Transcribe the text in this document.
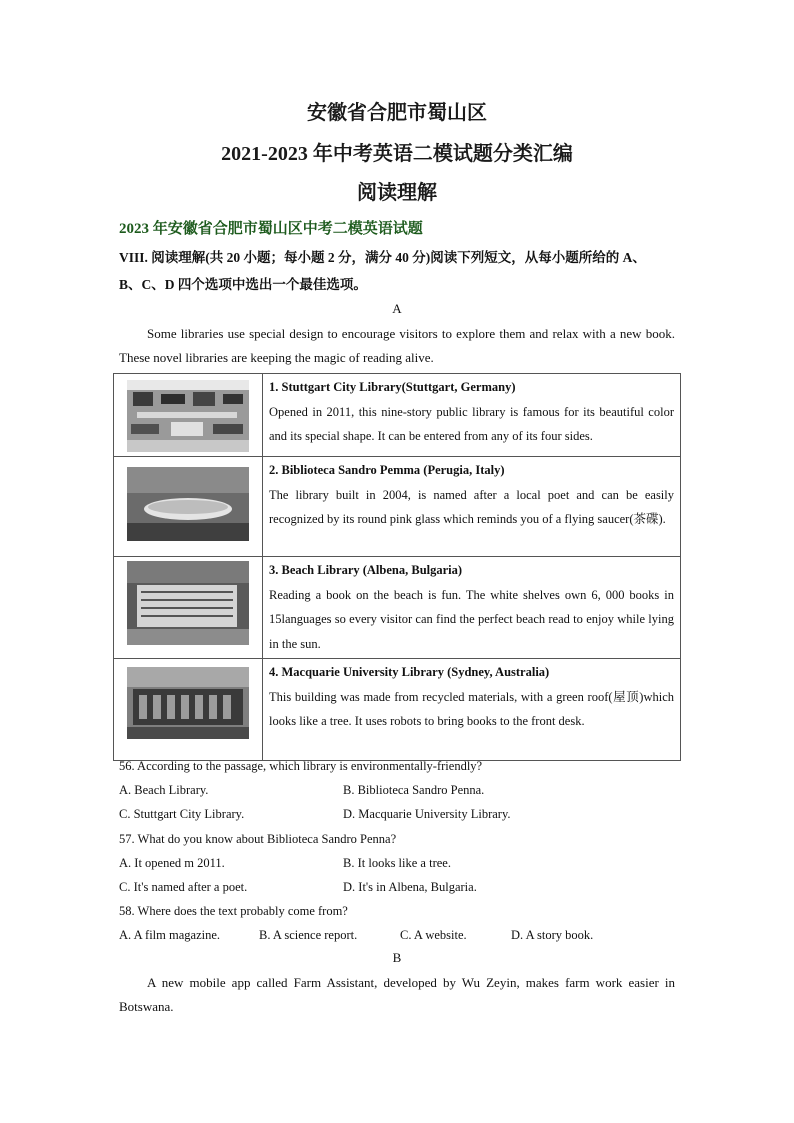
安徽省合肥市蜀山区
2021-2023 年中考英语二模试题分类汇编
阅读理解
2023 年安徽省合肥市蜀山区中考二模英语试题
VIII. 阅读理解(共 20 小题；每小题 2 分，满分 40 分)阅读下列短文，从每小题所给的 A、
B、C、D 四个选项中选出一个最佳选项。
A
Some libraries use special design to encourage visitors to explore them and relax with a new book. These novel libraries are keeping the magic of reading alive.

1. Stuttgart City Library(Stuttgart, Germany)
Opened in 2011, this nine-story public library is famous for its beautiful color and its special shape. It can be entered from any of its four sides.

2. Biblioteca Sandro Pemma (Perugia, Italy)
The library built in 2004, is named after a local poet and can be easily recognized by its round pink glass which reminds you of a flying saucer(茶碟).

3. Beach Library (Albena, Bulgaria)
Reading a book on the beach is fun. The white shelves own 6, 000 books in 15languages so every visitor can find the perfect beach read to enjoy while lying in the sun.

4. Macquarie University Library (Sydney, Australia)
This building was made from recycled materials, with a green roof(屋顶)which looks like a tree. It uses robots to bring books to the front desk.
56. According to the passage, which library is environmentally-friendly?
A. Beach Library.	B. Biblioteca Sandro Penna.
C. Stuttgart City Library.	D. Macquarie University Library.
57. What do you know about Biblioteca Sandro Penna?
A. It opened m 2011.	B. It looks like a tree.
C. It's named after a poet.	D. It's in Albena, Bulgaria.
58. Where does the text probably come from?
A. A film magazine.	B. A science report.	C. A website.	D. A story book.
B
A new mobile app called Farm Assistant, developed by Wu Zeyin, makes farm work easier in Botswana.
